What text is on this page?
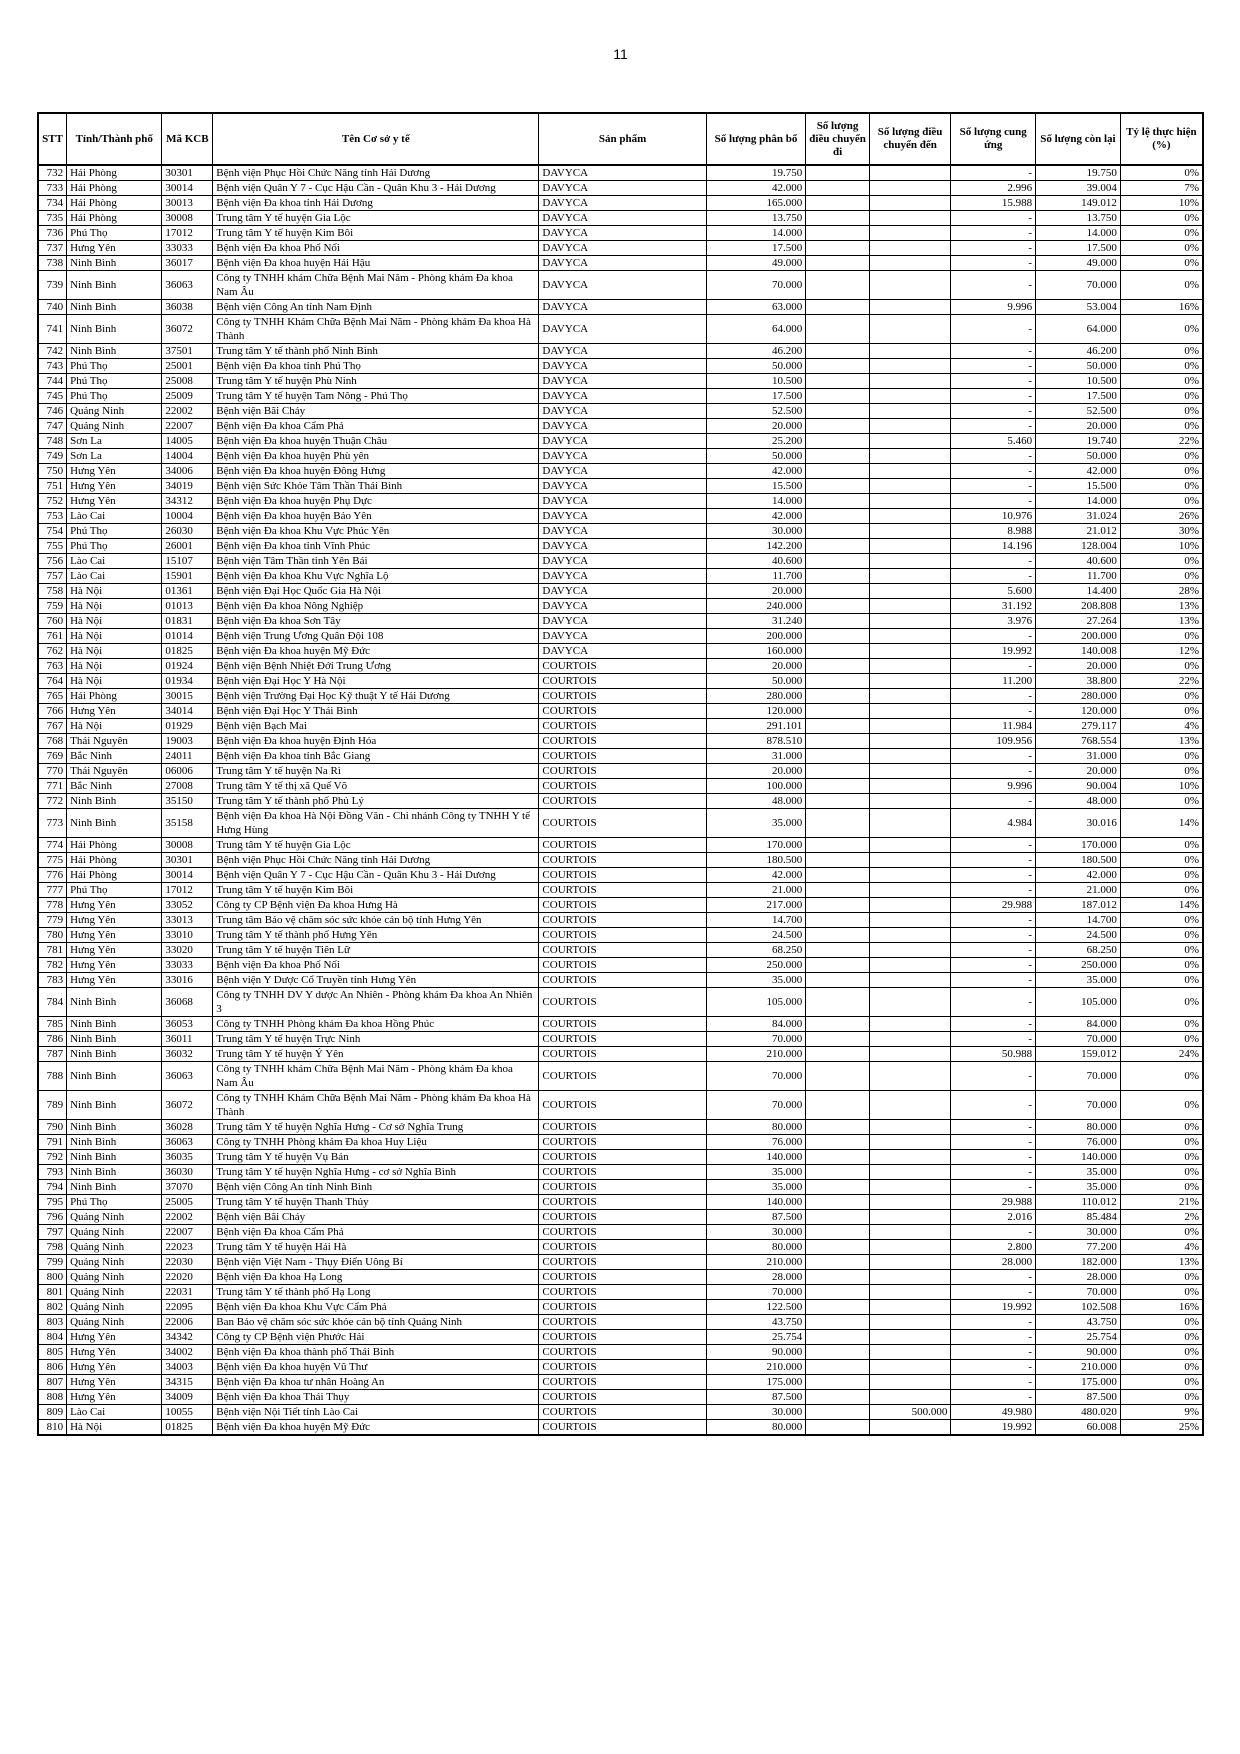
11
STT	Tỉnh/Thành phố	Mã KCB	Tên Cơ sở y tế	Sản phẩm	Số lượng phân bổ	Số lượng điều chuyển đi	Số lượng điều chuyển đến	Số lượng cung ứng	Số lượng còn lại	Tỷ lệ thực hiện (%)
732	Hải Phòng	30301	Bệnh viện Phục Hồi Chức Năng tỉnh Hải Dương	DAVYCA	19.750			-	19.750	0%
733	Hải Phòng	30014	Bệnh viện Quân Y 7 - Cục Hậu Cần - Quân Khu 3 - Hải Dương	DAVYCA	42.000			2.996	39.004	7%
734	Hải Phòng	30013	Bệnh viện Đa khoa tỉnh Hải Dương	DAVYCA	165.000			15.988	149.012	10%
735	Hải Phòng	30008	Trung tâm Y tế huyện Gia Lộc	DAVYCA	13.750			-	13.750	0%
736	Phú Thọ	17012	Trung tâm Y tế huyện Kim Bôi	DAVYCA	14.000			-	14.000	0%
737	Hưng Yên	33033	Bệnh viện Đa khoa Phố Nối	DAVYCA	17.500			-	17.500	0%
738	Ninh Bình	36017	Bệnh viện Đa khoa huyện Hải Hậu	DAVYCA	49.000			-	49.000	0%
739	Ninh Bình	36063	Công ty TNHH khám Chữa Bệnh Mai Năm - Phòng khám Đa khoa Nam Âu	DAVYCA	70.000			-	70.000	0%
740	Ninh Bình	36038	Bệnh viện Công An tỉnh Nam Định	DAVYCA	63.000			9.996	53.004	16%
741	Ninh Bình	36072	Công ty TNHH Khám Chữa Bệnh Mai Năm - Phòng khám Đa khoa Hà Thành	DAVYCA	64.000			-	64.000	0%
742	Ninh Bình	37501	Trung tâm Y tế thành phố Ninh Bình	DAVYCA	46.200			-	46.200	0%
743	Phú Thọ	25001	Bệnh viện Đa khoa tỉnh Phú Thọ	DAVYCA	50.000			-	50.000	0%
744	Phú Thọ	25008	Trung tâm Y tế huyện Phù Ninh	DAVYCA	10.500			-	10.500	0%
745	Phú Thọ	25009	Trung tâm Y tế huyện Tam Nông - Phú Thọ	DAVYCA	17.500			-	17.500	0%
746	Quảng Ninh	22002	Bệnh viện Bãi Cháy	DAVYCA	52.500			-	52.500	0%
747	Quảng Ninh	22007	Bệnh viện Đa khoa Cẩm Phả	DAVYCA	20.000			-	20.000	0%
748	Sơn La	14005	Bệnh viện Đa khoa huyện Thuận Châu	DAVYCA	25.200			5.460	19.740	22%
749	Sơn La	14004	Bệnh viện Đa khoa huyện Phù yên	DAVYCA	50.000			-	50.000	0%
750	Hưng Yên	34006	Bệnh viện Đa khoa huyện Đông Hưng	DAVYCA	42.000			-	42.000	0%
751	Hưng Yên	34019	Bệnh viện Sức Khỏe Tâm Thần Thái Bình	DAVYCA	15.500			-	15.500	0%
752	Hưng Yên	34312	Bệnh viện Đa khoa huyện Phụ Dực	DAVYCA	14.000			-	14.000	0%
753	Lào Cai	10004	Bệnh viện Đa khoa huyện Bảo Yên	DAVYCA	42.000			10.976	31.024	26%
754	Phú Thọ	26030	Bệnh viện Đa khoa Khu Vực Phúc Yên	DAVYCA	30.000			8.988	21.012	30%
755	Phú Thọ	26001	Bệnh viện Đa khoa tỉnh Vĩnh Phúc	DAVYCA	142.200			14.196	128.004	10%
756	Lào Cai	15107	Bệnh viện Tâm Thần tỉnh Yên Bái	DAVYCA	40.600			-	40.600	0%
757	Lào Cai	15901	Bệnh viện Đa khoa Khu Vực Nghĩa Lộ	DAVYCA	11.700			-	11.700	0%
758	Hà Nội	01361	Bệnh viện Đại Học Quốc Gia Hà Nội	DAVYCA	20.000			5.600	14.400	28%
759	Hà Nội	01013	Bệnh viện Đa khoa Nông Nghiệp	DAVYCA	240.000			31.192	208.808	13%
760	Hà Nội	01831	Bệnh viện Đa khoa Sơn Tây	DAVYCA	31.240			3.976	27.264	13%
761	Hà Nội	01014	Bệnh viện Trung Ương Quân Đội 108	DAVYCA	200.000			-	200.000	0%
762	Hà Nội	01825	Bệnh viện Đa khoa huyện Mỹ Đức	DAVYCA	160.000			19.992	140.008	12%
763	Hà Nội	01924	Bệnh viện Bệnh Nhiệt Đới Trung Ương	COURTOIS	20.000			-	20.000	0%
764	Hà Nội	01934	Bệnh viện Đại Học Y Hà Nội	COURTOIS	50.000			11.200	38.800	22%
765	Hải Phòng	30015	Bệnh viện Trường Đại Học Kỹ thuật Y tế Hải Dương	COURTOIS	280.000			-	280.000	0%
766	Hưng Yên	34014	Bệnh viện Đại Học Y Thái Bình	COURTOIS	120.000			-	120.000	0%
767	Hà Nội	01929	Bệnh viện Bạch Mai	COURTOIS	291.101			11.984	279.117	4%
768	Thái Nguyên	19003	Bệnh viện Đa khoa huyện Định Hóa	COURTOIS	878.510			109.956	768.554	13%
769	Bắc Ninh	24011	Bệnh viện Đa khoa tỉnh Bắc Giang	COURTOIS	31.000			-	31.000	0%
770	Thái Nguyên	06006	Trung tâm Y tế huyện Na Rì	COURTOIS	20.000			-	20.000	0%
771	Bắc Ninh	27008	Trung tâm Y tế thị xã Quế Võ	COURTOIS	100.000			9.996	90.004	10%
772	Ninh Bình	35150	Trung tâm Y tế thành phố Phủ Lý	COURTOIS	48.000			-	48.000	0%
773	Ninh Bình	35158	Bệnh viện Đa khoa Hà Nội Đồng Văn - Chi nhánh Công ty TNHH Y tế Hưng Hùng	COURTOIS	35.000			4.984	30.016	14%
774	Hải Phòng	30008	Trung tâm Y tế huyện Gia Lộc	COURTOIS	170.000			-	170.000	0%
775	Hải Phòng	30301	Bệnh viện Phục Hồi Chức Năng tỉnh Hải Dương	COURTOIS	180.500			-	180.500	0%
776	Hải Phòng	30014	Bệnh viện Quân Y 7 - Cục Hậu Cần - Quân Khu 3 - Hải Dương	COURTOIS	42.000			-	42.000	0%
777	Phú Thọ	17012	Trung tâm Y tế huyện Kim Bôi	COURTOIS	21.000			-	21.000	0%
778	Hưng Yên	33052	Công ty CP Bệnh viện Đa khoa Hưng Hà	COURTOIS	217.000			29.988	187.012	14%
779	Hưng Yên	33013	Trung tâm Bảo vệ chăm sóc sức khỏe cán bộ tỉnh Hưng Yên	COURTOIS	14.700			-	14.700	0%
780	Hưng Yên	33010	Trung tâm Y tế thành phố Hưng Yên	COURTOIS	24.500			-	24.500	0%
781	Hưng Yên	33020	Trung tâm Y tế huyện Tiên Lữ	COURTOIS	68.250			-	68.250	0%
782	Hưng Yên	33033	Bệnh viện Đa khoa Phố Nối	COURTOIS	250.000			-	250.000	0%
783	Hưng Yên	33016	Bệnh viện Y Dược Cổ Truyền tỉnh Hưng Yên	COURTOIS	35.000			-	35.000	0%
784	Ninh Bình	36068	Công ty TNHH DV Y dược An Nhiên - Phòng khám Đa khoa An Nhiên 3	COURTOIS	105.000			-	105.000	0%
785	Ninh Bình	36053	Công ty TNHH Phòng khám Đa khoa Hồng Phúc	COURTOIS	84.000			-	84.000	0%
786	Ninh Bình	36011	Trung tâm Y tế huyện Trực Ninh	COURTOIS	70.000			-	70.000	0%
787	Ninh Bình	36032	Trung tâm Y tế huyện Ý Yên	COURTOIS	210.000			50.988	159.012	24%
788	Ninh Bình	36063	Công ty TNHH khám Chữa Bệnh Mai Năm - Phòng khám Đa khoa Nam Âu	COURTOIS	70.000			-	70.000	0%
789	Ninh Bình	36072	Công ty TNHH Khám Chữa Bệnh Mai Năm - Phòng khám Đa khoa Hà Thành	COURTOIS	70.000			-	70.000	0%
790	Ninh Bình	36028	Trung tâm Y tế huyện Nghĩa Hưng - Cơ sở Nghĩa Trung	COURTOIS	80.000			-	80.000	0%
791	Ninh Bình	36063	Công ty TNHH Phòng khám Đa khoa Huy Liệu	COURTOIS	76.000			-	76.000	0%
792	Ninh Bình	36035	Trung tâm Y tế huyện Vụ Bản	COURTOIS	140.000			-	140.000	0%
793	Ninh Bình	36030	Trung tâm Y tế huyện Nghĩa Hưng - cơ sở Nghĩa Bình	COURTOIS	35.000			-	35.000	0%
794	Ninh Bình	37070	Bệnh viện Công An tỉnh Ninh Bình	COURTOIS	35.000			-	35.000	0%
795	Phú Thọ	25005	Trung tâm Y tế huyện Thanh Thủy	COURTOIS	140.000			29.988	110.012	21%
796	Quảng Ninh	22002	Bệnh viện Bãi Cháy	COURTOIS	87.500			2.016	85.484	2%
797	Quảng Ninh	22007	Bệnh viện Đa khoa Cẩm Phả	COURTOIS	30.000			-	30.000	0%
798	Quảng Ninh	22023	Trung tâm Y tế huyện Hải Hà	COURTOIS	80.000			2.800	77.200	4%
799	Quảng Ninh	22030	Bệnh viện Việt Nam - Thụy Điển Uông Bí	COURTOIS	210.000			28.000	182.000	13%
800	Quảng Ninh	22020	Bệnh viện Đa khoa Hạ Long	COURTOIS	28.000			-	28.000	0%
801	Quảng Ninh	22031	Trung tâm Y tế thành phố Hạ Long	COURTOIS	70.000			-	70.000	0%
802	Quảng Ninh	22095	Bệnh viện Đa khoa Khu Vực Cẩm Phả	COURTOIS	122.500			19.992	102.508	16%
803	Quảng Ninh	22006	Ban Bảo vệ chăm sóc sức khỏe cán bộ tỉnh Quảng Ninh	COURTOIS	43.750			-	43.750	0%
804	Hưng Yên	34342	Công ty CP Bệnh viện Phước Hải	COURTOIS	25.754			-	25.754	0%
805	Hưng Yên	34002	Bệnh viện Đa khoa thành phố Thái Bình	COURTOIS	90.000			-	90.000	0%
806	Hưng Yên	34003	Bệnh viện Đa khoa huyện Vũ Thư	COURTOIS	210.000			-	210.000	0%
807	Hưng Yên	34315	Bệnh viện Đa khoa tư nhân Hoàng An	COURTOIS	175.000			-	175.000	0%
808	Hưng Yên	34009	Bệnh viện Đa khoa Thái Thụy	COURTOIS	87.500			-	87.500	0%
809	Lào Cai	10055	Bệnh viện Nội Tiết tỉnh Lào Cai	COURTOIS	30.000		500.000	49.980	480.020	9%
810	Hà Nội	01825	Bệnh viện Đa khoa huyện Mỹ Đức	COURTOIS	80.000			19.992	60.008	25%
